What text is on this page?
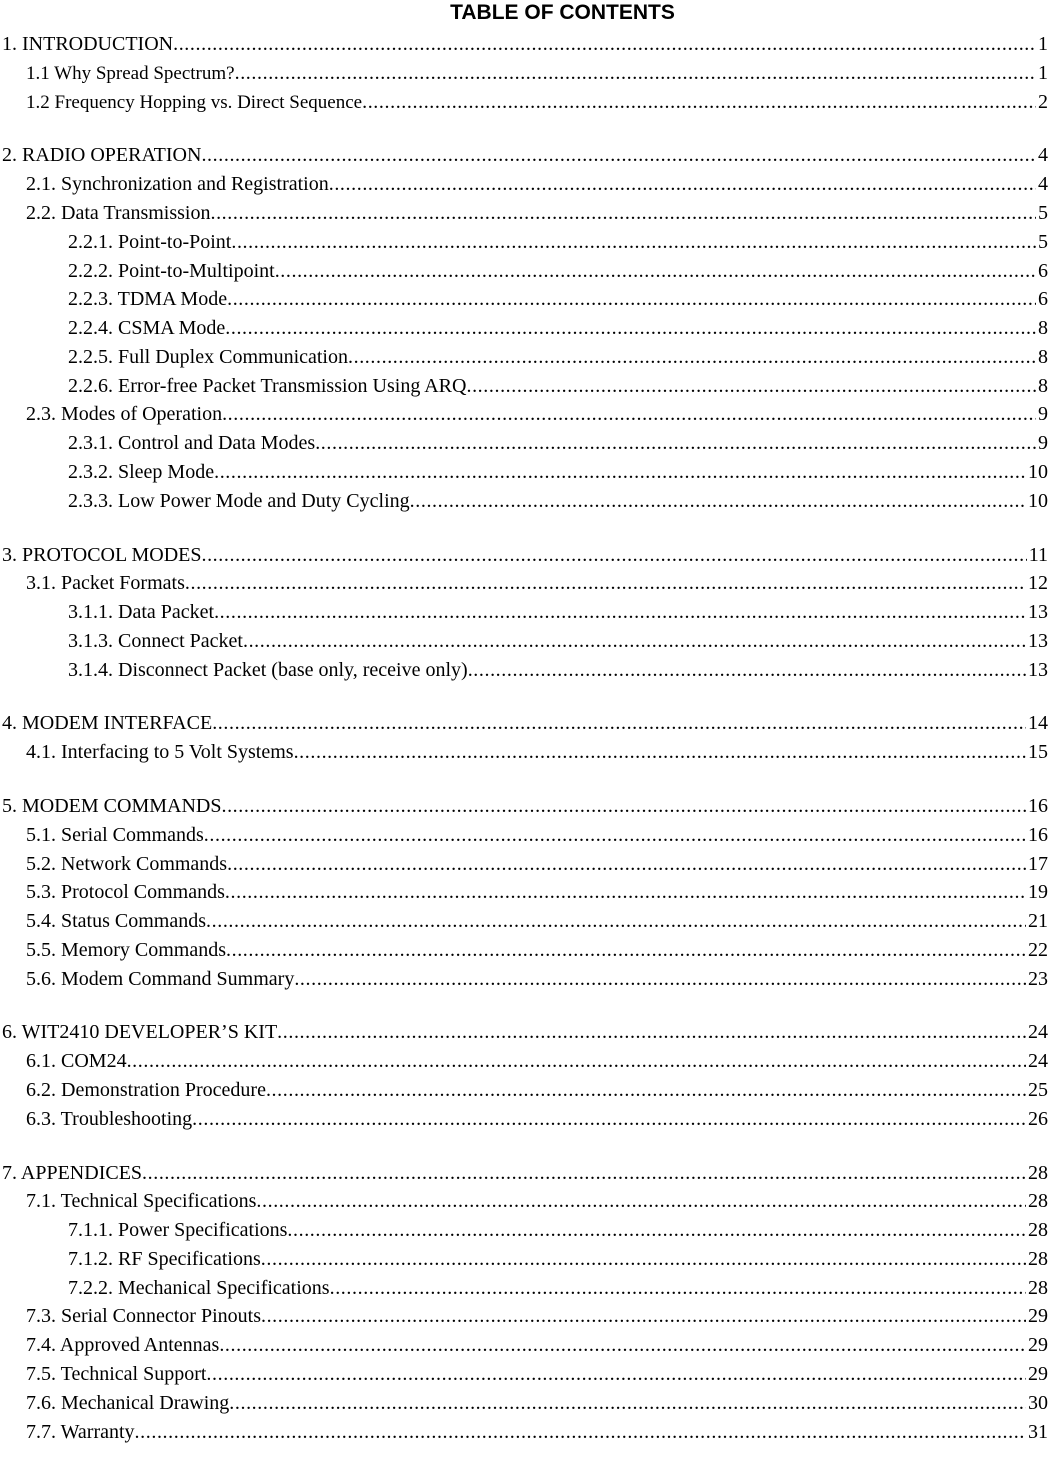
TABLE OF CONTENTS
1. INTRODUCTION .....	1
1.1 Why Spread Spectrum? .....	1
1.2 Frequency Hopping vs. Direct Sequence .....	2
2. RADIO OPERATION .....	4
2.1. Synchronization and Registration .....	4
2.2. Data Transmission .....	5
2.2.1. Point-to-Point .....	5
2.2.2. Point-to-Multipoint .....	6
2.2.3. TDMA Mode .....	6
2.2.4. CSMA Mode .....	8
2.2.5. Full Duplex Communication .....	8
2.2.6. Error-free Packet Transmission Using ARQ .....	8
2.3. Modes of Operation .....	9
2.3.1. Control and Data Modes .....	9
2.3.2. Sleep Mode .....	10
2.3.3. Low Power Mode and Duty Cycling .....	10
3. PROTOCOL MODES .....	11
3.1. Packet Formats .....	12
3.1.1. Data Packet .....	13
3.1.3. Connect Packet .....	13
3.1.4. Disconnect Packet (base only, receive only) .....	13
4. MODEM INTERFACE .....	14
4.1. Interfacing to 5 Volt Systems .....	15
5. MODEM COMMANDS .....	16
5.1. Serial Commands .....	16
5.2. Network Commands .....	17
5.3. Protocol Commands .....	19
5.4. Status Commands .....	21
5.5. Memory Commands .....	22
5.6. Modem Command Summary .....	23
6. WIT2410 DEVELOPER’S KIT .....	24
6.1. COM24 .....	24
6.2. Demonstration Procedure .....	25
6.3. Troubleshooting .....	26
7. APPENDICES .....	28
7.1. Technical Specifications .....	28
7.1.1. Power Specifications .....	28
7.1.2. RF Specifications .....	28
7.2.2. Mechanical Specifications .....	28
7.3. Serial Connector Pinouts .....	29
7.4. Approved Antennas .....	29
7.5. Technical Support .....	29
7.6. Mechanical Drawing .....	30
7.7. Warranty .....	31
